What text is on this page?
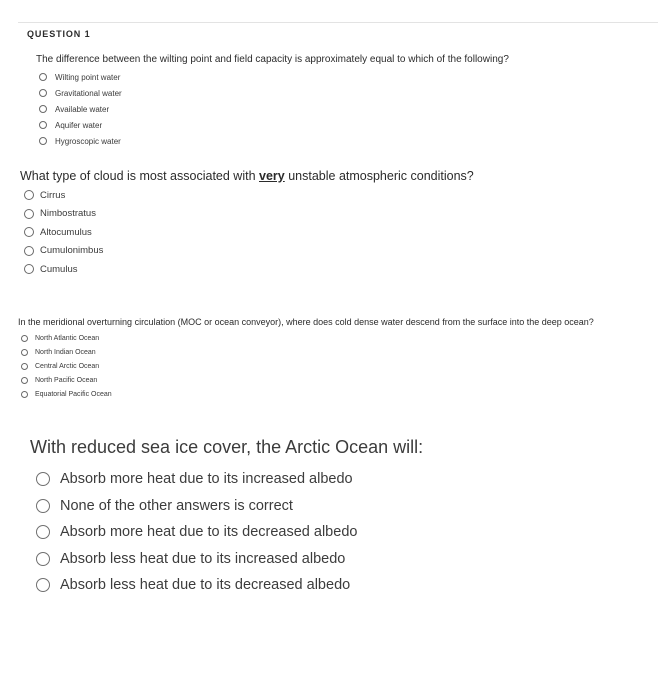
QUESTION 1
The difference between the wilting point and field capacity is approximately equal to which of the following?
Wilting point water
Gravitational water
Available water
Aquifer water
Hygroscopic water
What type of cloud is most associated with very unstable atmospheric conditions?
Cirrus
Nimbostratus
Altocumulus
Cumulonimbus
Cumulus
In the meridional overturning circulation (MOC or ocean conveyor), where does cold dense water descend from the surface into the deep ocean?
North Atlantic Ocean
North Indian Ocean
Central Arctic Ocean
North Pacific Ocean
Equatorial Pacific Ocean
With reduced sea ice cover, the Arctic Ocean will:
Absorb more heat due to its increased albedo
None of the other answers is correct
Absorb more heat due to its decreased albedo
Absorb less heat due to its increased albedo
Absorb less heat due to its decreased albedo
